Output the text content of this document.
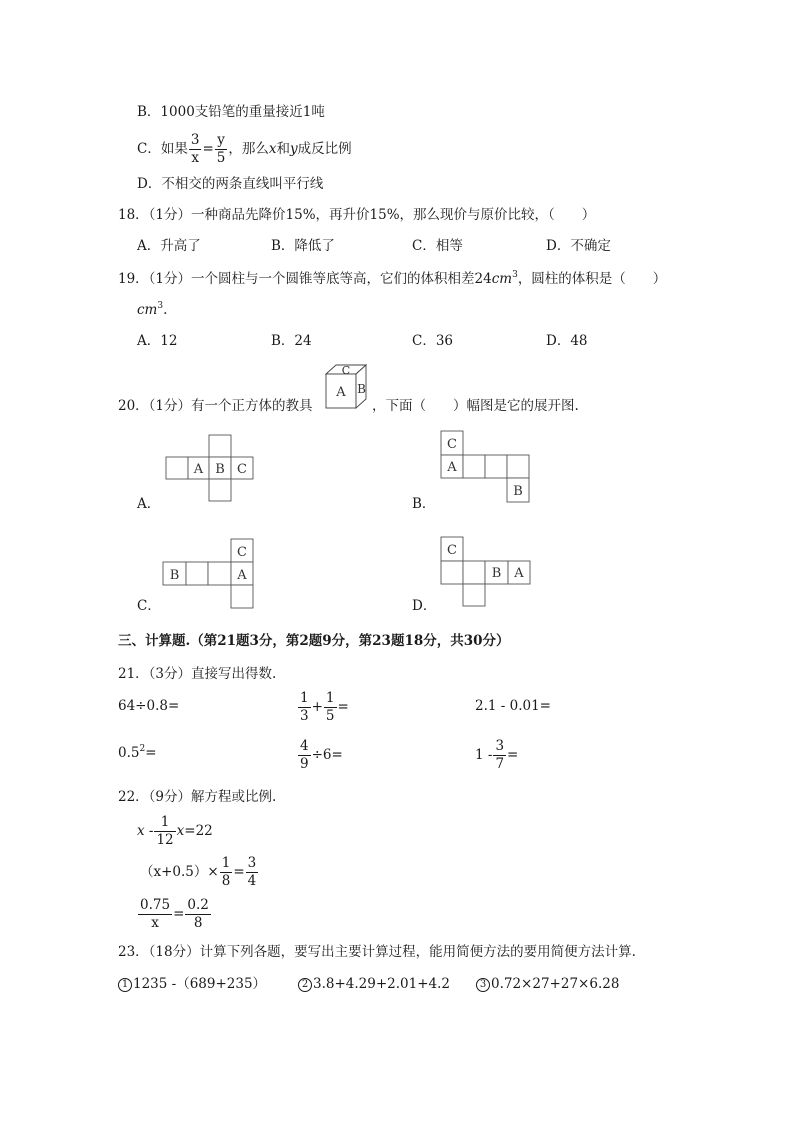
B．1000支铅笔的重量接近1吨
C．如果 $\frac{3}{x} = \frac{y}{5}$ ，那么x和y成反比例
D．不相交的两条直线叫平行线
18．（1分）一种商品先降价15%，再升价15%，那么现价与原价比较，（　　）
A．升高了	B．降低了	C．相等	D．不确定
19．（1分）一个圆柱与一个圆锥等底等高，它们的体积相差$24cm^3$，圆柱的体积是（　　）
$cm^3$.
A．12	B．24	C．36	D．48
20．（1分）有一个正方体的教具
A B
C
，下面（　　）幅图是它的展开图.
A B C
A．
C
A
B
B．
C
B	A
C．
C
B A
D．
三、计算题.（第21题3分，第2题9分，第23题18分，共30分）
21．（3分）直接写出得数.
64÷0.8=	$\frac{1}{3} + \frac{1}{5}$ =	2.1 - 0.01=
$0.5^2=$	$\frac{4}{9} \div 6=$	$1 - \frac{3}{7}$ =
22．（9分）解方程或比例.
$x - \frac{1}{12} x=22$
$(x+0.5)\times \frac{1}{8} = \frac{3}{4}$
$\frac{0.75}{x} = \frac{0.2}{8}$
23．（18分）计算下列各题，要写出主要计算过程，能用简便方法的要用简便方法计算.
1 1235 -（689+235）	2 3.8+4.29+2.01+4.2	3 0.72×27+27×6.28
